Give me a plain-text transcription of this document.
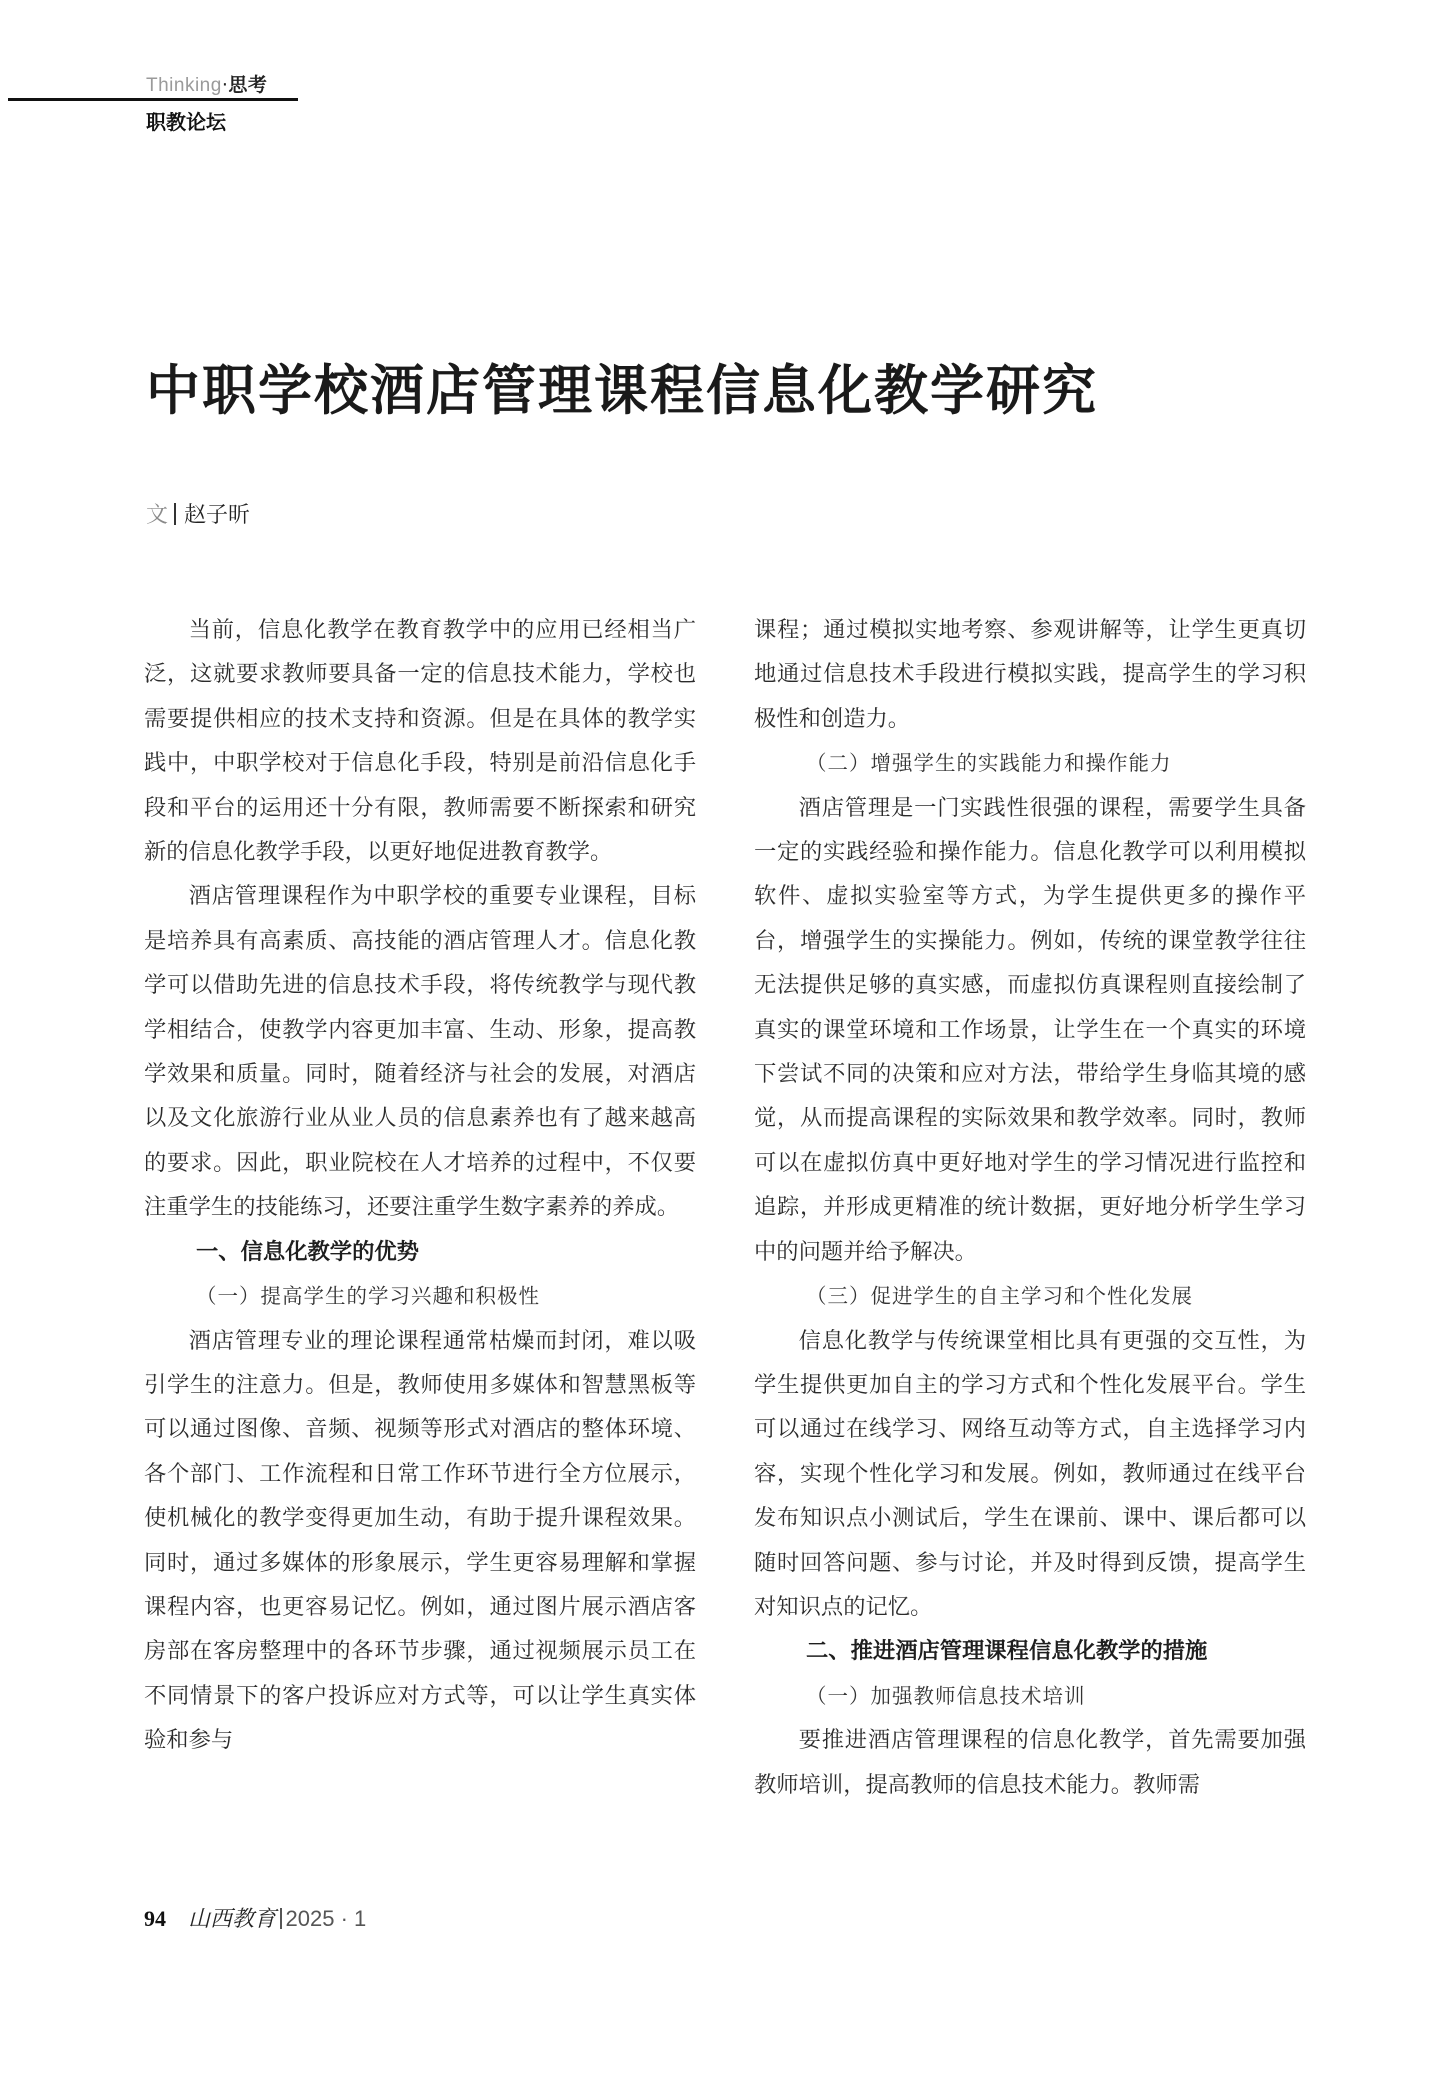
Thinking·思考
职教论坛
中职学校酒店管理课程信息化教学研究
文 赵子昕

当前，信息化教学在教育教学中的应用已经相当广泛，这就要求教师要具备一定的信息技术能力，学校也需要提供相应的技术支持和资源。但是在具体的教学实践中，中职学校对于信息化手段，特别是前沿信息化手段和平台的运用还十分有限，教师需要不断探索和研究新的信息化教学手段，以更好地促进教育教学。

酒店管理课程作为中职学校的重要专业课程，目标是培养具有高素质、高技能的酒店管理人才。信息化教学可以借助先进的信息技术手段，将传统教学与现代教学相结合，使教学内容更加丰富、生动、形象，提高教学效果和质量。同时，随着经济与社会的发展，对酒店以及文化旅游行业从业人员的信息素养也有了越来越高的要求。因此，职业院校在人才培养的过程中，不仅要注重学生的技能练习，还要注重学生数字素养的养成。

一、信息化教学的优势

（一）提高学生的学习兴趣和积极性

酒店管理专业的理论课程通常枯燥而封闭，难以吸引学生的注意力。但是，教师使用多媒体和智慧黑板等可以通过图像、音频、视频等形式对酒店的整体环境、各个部门、工作流程和日常工作环节进行全方位展示，使机械化的教学变得更加生动，有助于提升课程效果。同时，通过多媒体的形象展示，学生更容易理解和掌握课程内容，也更容易记忆。例如，通过图片展示酒店客房部在客房整理中的各环节步骤，通过视频展示员工在不同情景下的客户投诉应对方式等，可以让学生真实体验和参与

课程；通过模拟实地考察、参观讲解等，让学生更真切地通过信息技术手段进行模拟实践，提高学生的学习积极性和创造力。

（二）增强学生的实践能力和操作能力

酒店管理是一门实践性很强的课程，需要学生具备一定的实践经验和操作能力。信息化教学可以利用模拟软件、虚拟实验室等方式，为学生提供更多的操作平台，增强学生的实操能力。例如，传统的课堂教学往往无法提供足够的真实感，而虚拟仿真课程则直接绘制了真实的课堂环境和工作场景，让学生在一个真实的环境下尝试不同的决策和应对方法，带给学生身临其境的感觉，从而提高课程的实际效果和教学效率。同时，教师可以在虚拟仿真中更好地对学生的学习情况进行监控和追踪，并形成更精准的统计数据，更好地分析学生学习中的问题并给予解决。

（三）促进学生的自主学习和个性化发展

信息化教学与传统课堂相比具有更强的交互性，为学生提供更加自主的学习方式和个性化发展平台。学生可以通过在线学习、网络互动等方式，自主选择学习内容，实现个性化学习和发展。例如，教师通过在线平台发布知识点小测试后，学生在课前、课中、课后都可以随时回答问题、参与讨论，并及时得到反馈，提高学生对知识点的记忆。

二、推进酒店管理课程信息化教学的措施

（一）加强教师信息技术培训

要推进酒店管理课程的信息化教学，首先需要加强教师培训，提高教师的信息技术能力。教师需

94 山西教育 2025 · 1
